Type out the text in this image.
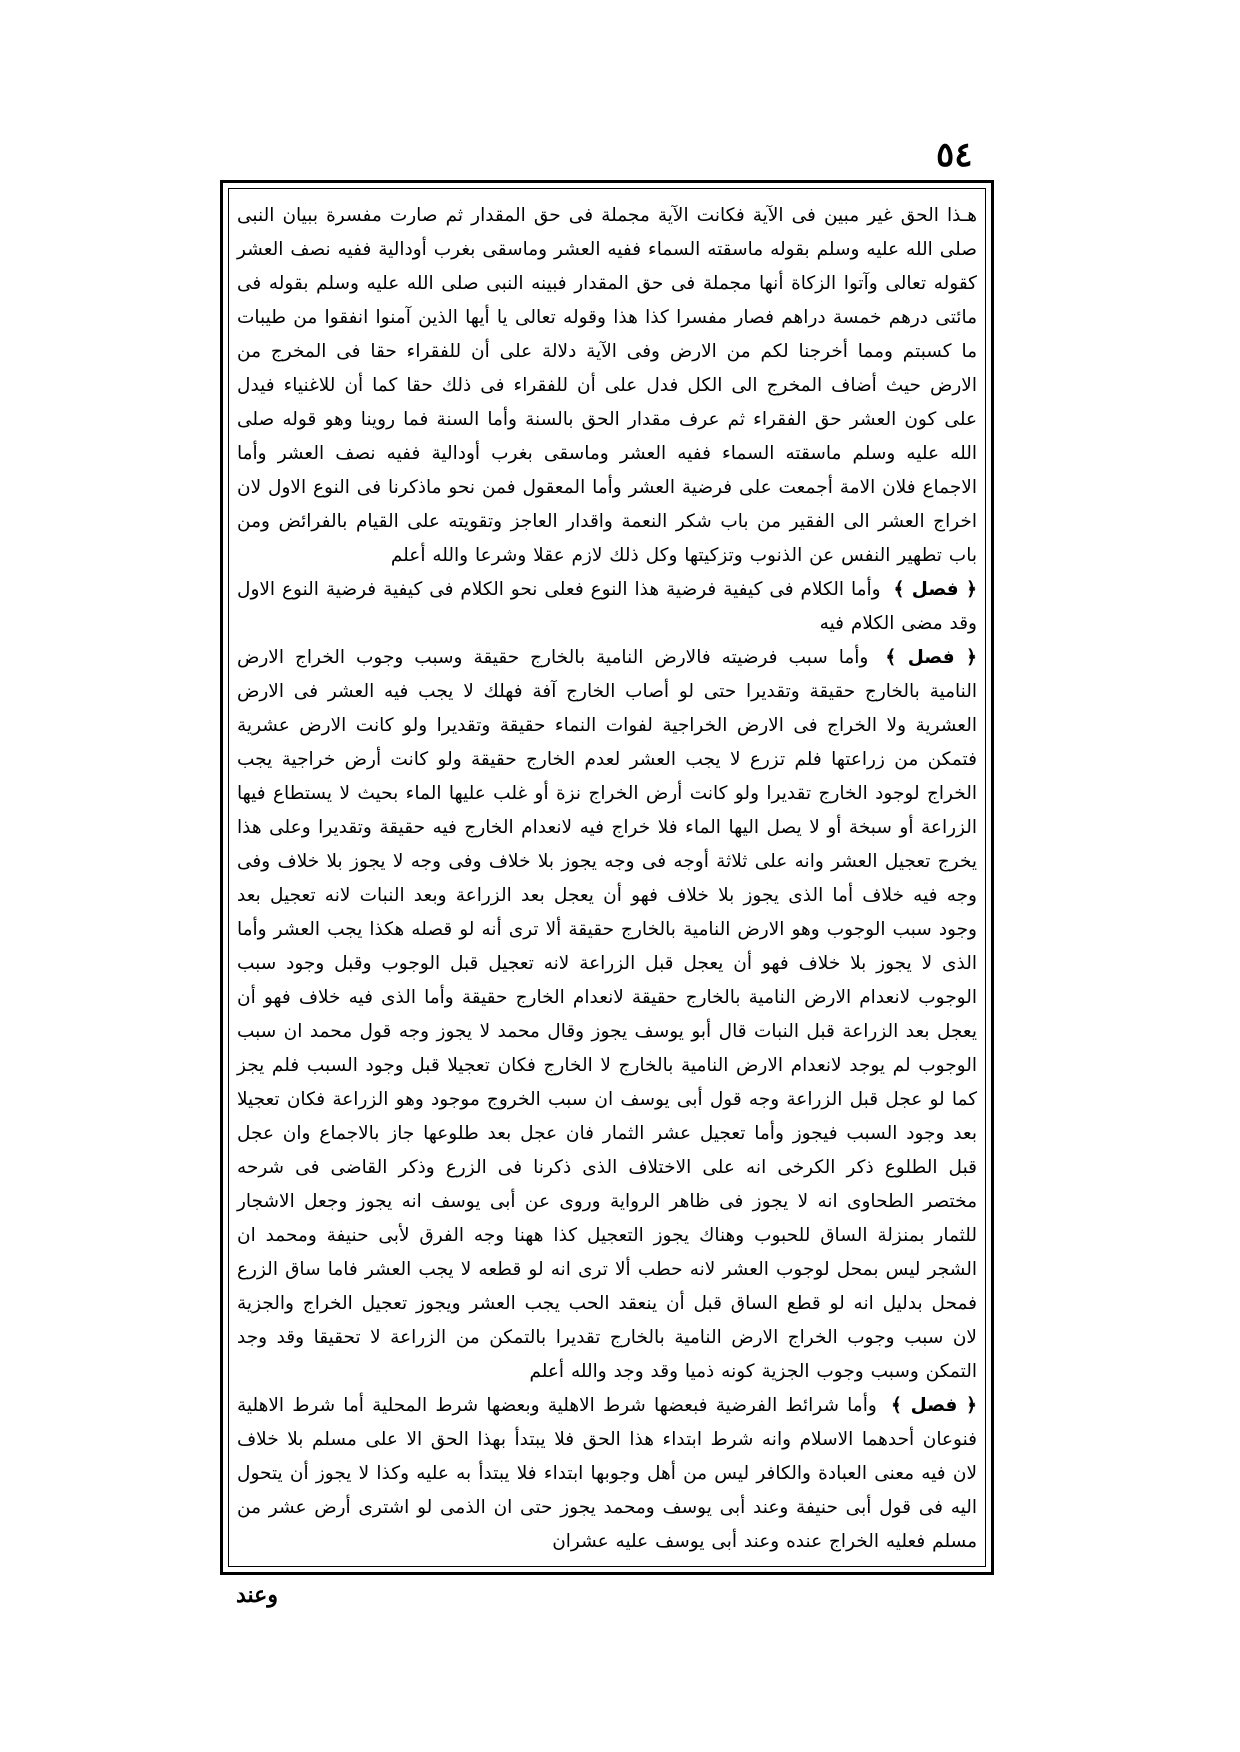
٥٤

هـذا الحق غير مبين فى الآية فكانت الآية مجملة فى حق المقدار ثم صارت مفسرة ببيان النبى صلى الله عليه وسلم بقوله ماسقته السماء ففيه العشر وماسقى بغرب أودالية ففيه نصف العشر كقوله تعالى وآتوا الزكاة أنها مجملة فى حق المقدار فبينه النبى صلى الله عليه وسلم بقوله فى مائتى درهم خمسة دراهم فصار مفسرا كذا هذا وقوله تعالى يا أيها الذين آمنوا انفقوا من طيبات ما كسبتم ومما أخرجنا لكم من الارض وفى الآية دلالة على أن للفقراء حقا فى المخرج من الارض حيث أضاف المخرج الى الكل فدل على أن للفقراء فى ذلك حقا كما أن للاغنياء فيدل على كون العشر حق الفقراء ثم عرف مقدار الحق بالسنة وأما السنة فما روينا وهو قوله صلى الله عليه وسلم ماسقته السماء ففيه العشر وماسقى بغرب أودالية ففيه نصف العشر وأما الاجماع فلان الامة أجمعت على فرضية العشر وأما المعقول فمن نحو ماذكرنا فى النوع الاول لان اخراج العشر الى الفقير من باب شكر النعمة واقدار العاجز وتقويته على القيام بالفرائض ومن باب تطهير النفس عن الذنوب وتزكيتها وكل ذلك لازم عقلا وشرعا والله أعلم

﴿ فصل ﴾ وأما الكلام فى كيفية فرضية هذا النوع فعلى نحو الكلام فى كيفية فرضية النوع الاول وقد مضى الكلام فيه

﴿ فصل ﴾ وأما سبب فرضيته فالارض النامية بالخارج حقيقة وسبب وجوب الخراج الارض النامية بالخارج حقيقة وتقديرا حتى لو أصاب الخارج آفة فهلك لا يجب فيه العشر فى الارض العشرية ولا الخراج فى الارض الخراجية لفوات النماء حقيقة وتقديرا ولو كانت الارض عشرية فتمكن من زراعتها فلم تزرع لا يجب العشر لعدم الخارج حقيقة ولو كانت أرض خراجية يجب الخراج لوجود الخارج تقديرا ولو كانت أرض الخراج نزة أو غلب عليها الماء بحيث لا يستطاع فيها الزراعة أو سبخة أو لا يصل اليها الماء فلا خراج فيه لانعدام الخارج فيه حقيقة وتقديرا وعلى هذا يخرج تعجيل العشر وانه على ثلاثة أوجه فى وجه يجوز بلا خلاف وفى وجه لا يجوز بلا خلاف وفى وجه فيه خلاف أما الذى يجوز بلا خلاف فهو أن يعجل بعد الزراعة وبعد النبات لانه تعجيل بعد وجود سبب الوجوب وهو الارض النامية بالخارج حقيقة ألا ترى أنه لو قصله هكذا يجب العشر وأما الذى لا يجوز بلا خلاف فهو أن يعجل قبل الزراعة لانه تعجيل قبل الوجوب وقبل وجود سبب الوجوب لانعدام الارض النامية بالخارج حقيقة لانعدام الخارج حقيقة وأما الذى فيه خلاف فهو أن يعجل بعد الزراعة قبل النبات قال أبو يوسف يجوز وقال محمد لا يجوز وجه قول محمد ان سبب الوجوب لم يوجد لانعدام الارض النامية بالخارج لا الخارج فكان تعجيلا قبل وجود السبب فلم يجز كما لو عجل قبل الزراعة وجه قول أبى يوسف ان سبب الخروج موجود وهو الزراعة فكان تعجيلا بعد وجود السبب فيجوز وأما تعجيل عشر الثمار فان عجل بعد طلوعها جاز بالاجماع وان عجل قبل الطلوع ذكر الكرخى انه على الاختلاف الذى ذكرنا فى الزرع وذكر القاضى فى شرحه مختصر الطحاوى انه لا يجوز فى ظاهر الرواية وروى عن أبى يوسف انه يجوز وجعل الاشجار للثمار بمنزلة الساق للحبوب وهناك يجوز التعجيل كذا ههنا وجه الفرق لأبى حنيفة ومحمد ان الشجر ليس بمحل لوجوب العشر لانه حطب ألا ترى انه لو قطعه لا يجب العشر فاما ساق الزرع فمحل بدليل انه لو قطع الساق قبل أن ينعقد الحب يجب العشر ويجوز تعجيل الخراج والجزية لان سبب وجوب الخراج الارض النامية بالخارج تقديرا بالتمكن من الزراعة لا تحقيقا وقد وجد التمكن وسبب وجوب الجزية كونه ذميا وقد وجد والله أعلم

﴿ فصل ﴾ وأما شرائط الفرضية فبعضها شرط الاهلية وبعضها شرط المحلية أما شرط الاهلية فنوعان أحدهما الاسلام وانه شرط ابتداء هذا الحق فلا يبتدأ بهذا الحق الا على مسلم بلا خلاف لان فيه معنى العبادة والكافر ليس من أهل وجوبها ابتداء فلا يبتدأ به عليه وكذا لا يجوز أن يتحول اليه فى قول أبى حنيفة وعند أبى يوسف ومحمد يجوز حتى ان الذمى لو اشترى أرض عشر من مسلم فعليه الخراج عنده وعند أبى يوسف عليه عشران

وعند
